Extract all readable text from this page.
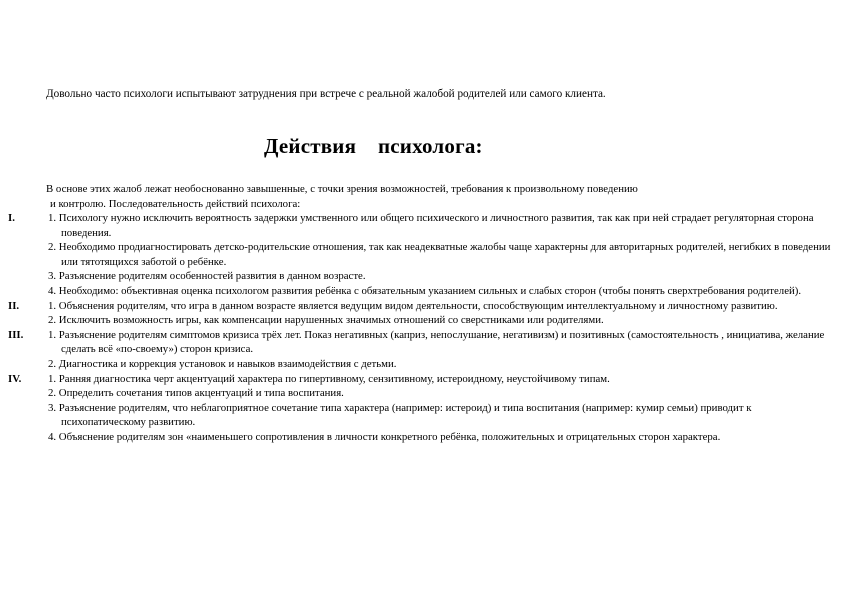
Довольно часто психологи испытывают затруднения при встрече с реальной жалобой родителей или самого клиента.
Действия    психолога:
В основе этих жалоб лежат необоснованно завышенные, с точки зрения возможностей, требования к произвольному поведению
и контролю. Последовательность действий психолога:
I.	1. Психологу нужно исключить вероятность задержки умственного или общего психического и личностного развития, так как при ней страдает регуляторная сторона поведения.
2. Необходимо продиагностировать детско-родительские отношения, так как неадекватные жалобы чаще характерны для авторитарных родителей, негибких в поведении или тятотящихся заботой о ребёнке.
3. Разъяснение родителям особенностей развития в данном возрасте.
4. Необходимо: объективная оценка психологом развития ребёнка с обязательным указанием сильных и слабых сторон (чтобы понять сверхтребования родителей).
II.	1. Объяснения родителям, что игра в данном возрасте является ведущим видом деятельности, способствующим интеллектуальному и личностному развитию.
2. Исключить возможность игры, как компенсации нарушенных значимых отношений со сверстниками или родителями.
III.	1. Разъяснение родителям симптомов кризиса трёх лет. Показ негативных (каприз, непослушание, негативизм) и позитивных (самостоятельность , инициатива, желание сделать всё «по-своему») сторон кризиса.
2. Диагностика и коррекция установок и навыков взаимодействия с детьми.
IV.	1. Ранняя диагностика черт акцентуаций характера по гипертивному, сензитивному, истероидному, неустойчивому типам.
2. Определить сочетания типов акцентуаций и типа воспитания.
3. Разъяснение родителям, что неблагоприятное сочетание типа характера (например: истероид) и типа воспитания (например: кумир семьи) приводит к психопатическому развитию.
4. Объяснение родителям зон «наименьшего сопротивления в личности конкретного ребёнка, положительных и отрицательных сторон характера.
